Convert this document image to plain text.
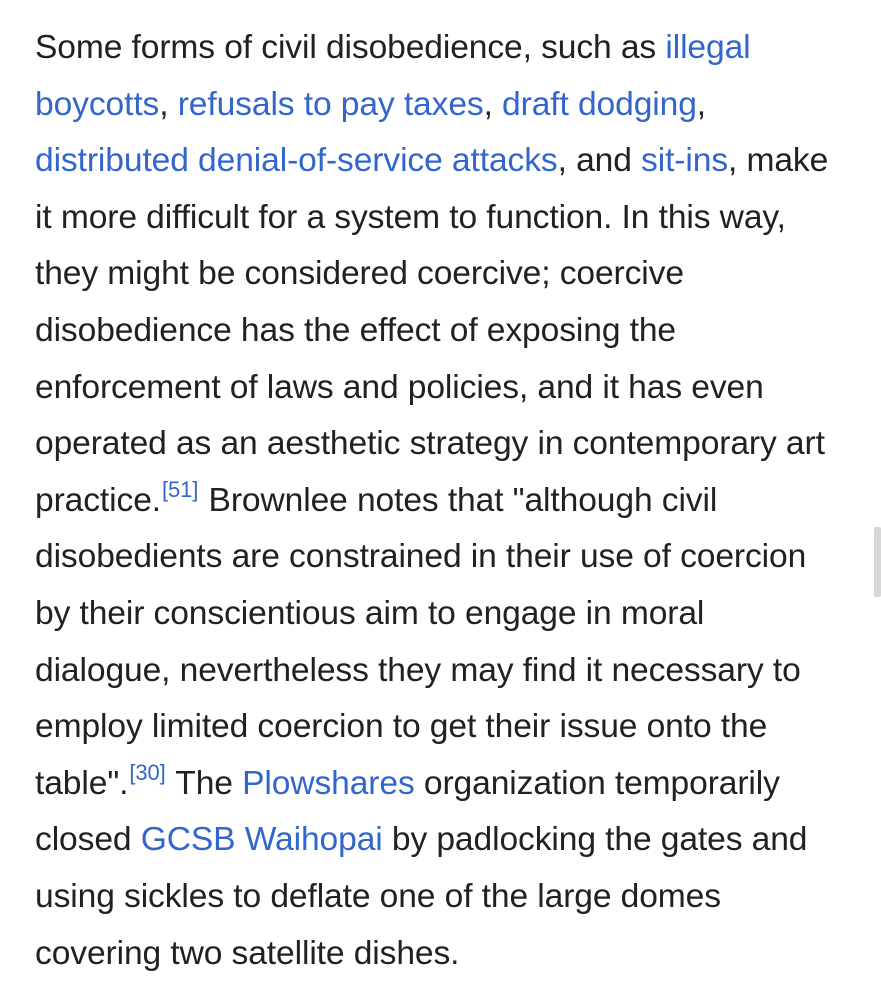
Some forms of civil disobedience, such as illegal boycotts, refusals to pay taxes, draft dodging, distributed denial-of-service attacks, and sit-ins, make it more difficult for a system to function. In this way, they might be considered coercive; coercive disobedience has the effect of exposing the enforcement of laws and policies, and it has even operated as an aesthetic strategy in contemporary art practice.[51] Brownlee notes that "although civil disobedients are constrained in their use of coercion by their conscientious aim to engage in moral dialogue, nevertheless they may find it necessary to employ limited coercion to get their issue onto the table".[30] The Plowshares organization temporarily closed GCSB Waihopai by padlocking the gates and using sickles to deflate one of the large domes covering two satellite dishes.
